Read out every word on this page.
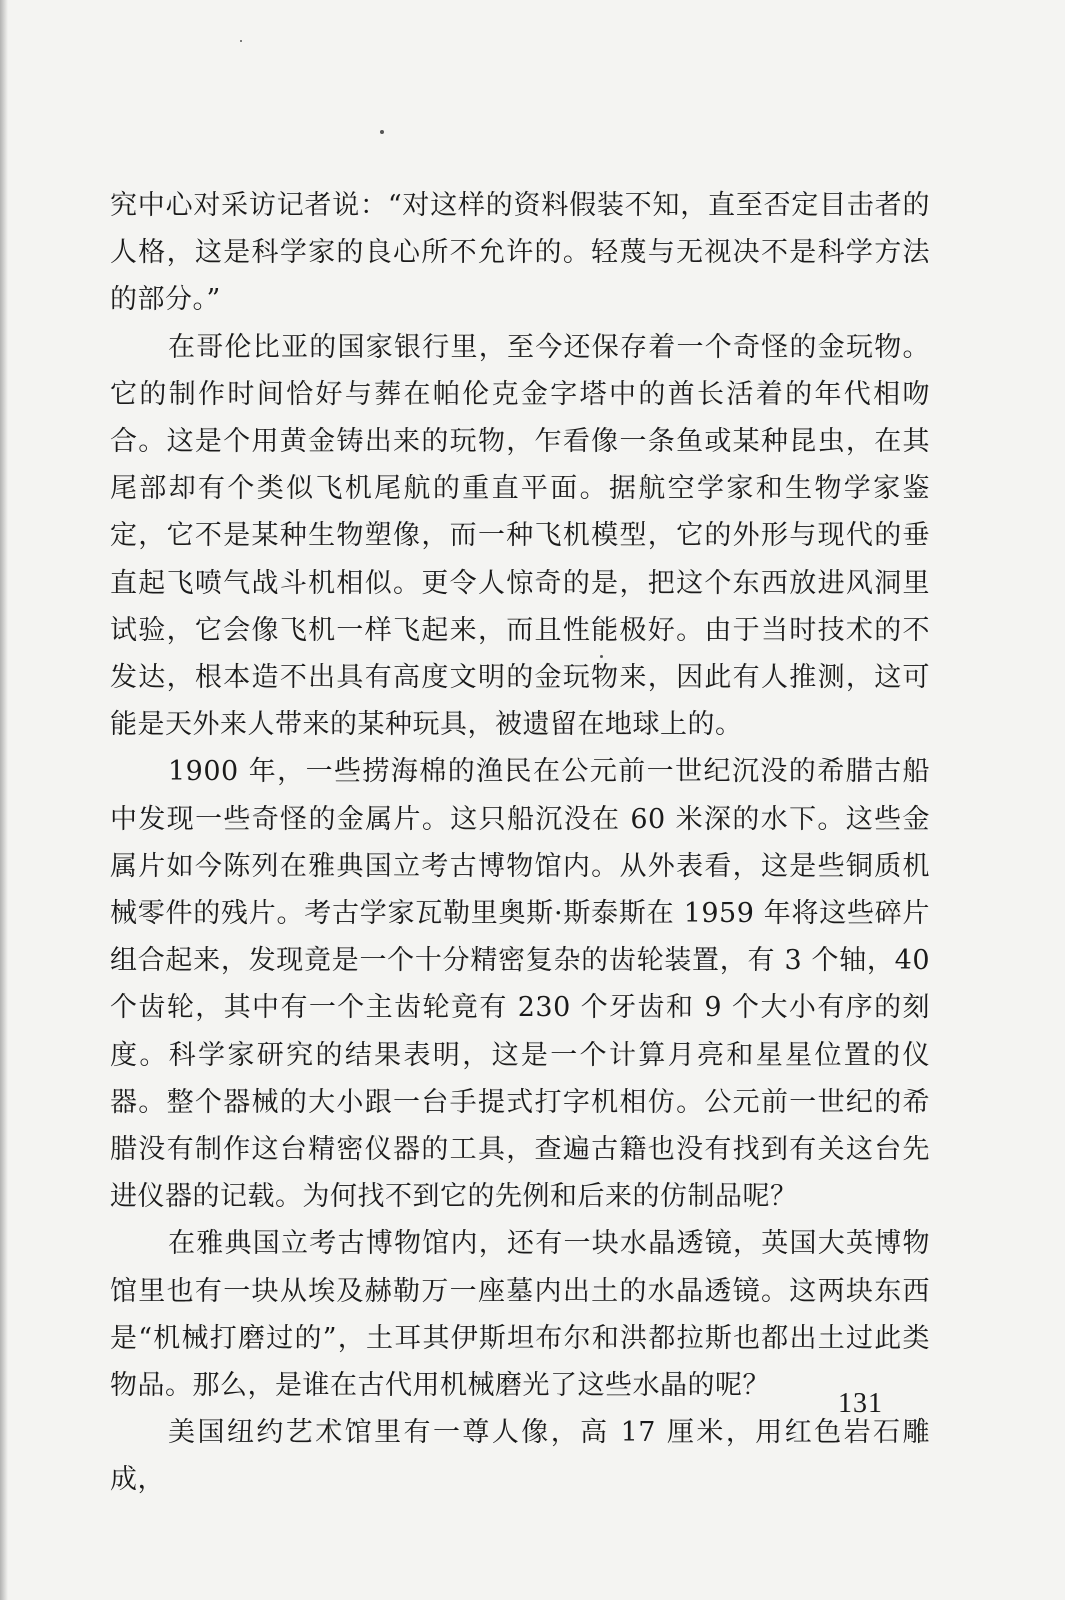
究中心对采访记者说：“对这样的资料假装不知，直至否定目击者的人格，这是科学家的良心所不允许的。轻蔑与无视决不是科学方法的部分。”

在哥伦比亚的国家银行里，至今还保存着一个奇怪的金玩物。它的制作时间恰好与葬在帕伦克金字塔中的酋长活着的年代相吻合。这是个用黄金铸出来的玩物，乍看像一条鱼或某种昆虫，在其尾部却有个类似飞机尾航的重直平面。据航空学家和生物学家鉴定，它不是某种生物塑像，而一种飞机模型，它的外形与现代的垂直起飞喷气战斗机相似。更令人惊奇的是，把这个东西放进风洞里试验，它会像飞机一样飞起来，而且性能极好。由于当时技术的不发达，根本造不出具有高度文明的金玩物来，因此有人推测，这可能是天外来人带来的某种玩具，被遗留在地球上的。

1900 年，一些捞海棉的渔民在公元前一世纪沉没的希腊古船中发现一些奇怪的金属片。这只船沉没在 60 米深的水下。这些金属片如今陈列在雅典国立考古博物馆内。从外表看，这是些铜质机械零件的残片。考古学家瓦勒里奥斯·斯泰斯在 1959 年将这些碎片组合起来，发现竟是一个十分精密复杂的齿轮装置，有 3 个轴，40 个齿轮，其中有一个主齿轮竟有 230 个牙齿和 9 个大小有序的刻度。科学家研究的结果表明，这是一个计算月亮和星星位置的仪器。整个器械的大小跟一台手提式打字机相仿。公元前一世纪的希腊没有制作这台精密仪器的工具，查遍古籍也没有找到有关这台先进仪器的记载。为何找不到它的先例和后来的仿制品呢？

在雅典国立考古博物馆内，还有一块水晶透镜，英国大英博物馆里也有一块从埃及赫勒万一座墓内出土的水晶透镜。这两块东西是“机械打磨过的”，土耳其伊斯坦布尔和洪都拉斯也都出土过此类物品。那么，是谁在古代用机械磨光了这些水晶的呢？

美国纽约艺术馆里有一尊人像，高 17 厘米，用红色岩石雕成，

131
